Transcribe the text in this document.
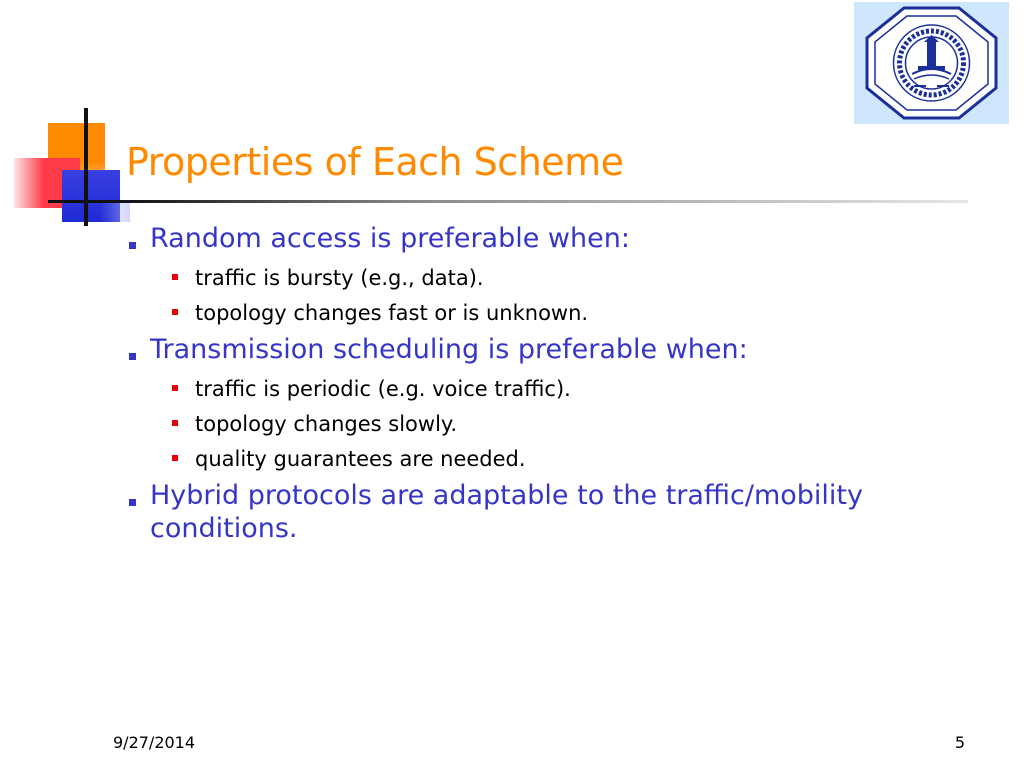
Properties of Each Scheme
Random access is preferable when:
traffic is bursty (e.g., data).
topology changes fast or is unknown.
Transmission scheduling is preferable when:
traffic is periodic (e.g. voice traffic).
topology changes slowly.
quality guarantees are needed.
Hybrid protocols are adaptable to the traffic/mobility conditions.
9/27/2014	5
